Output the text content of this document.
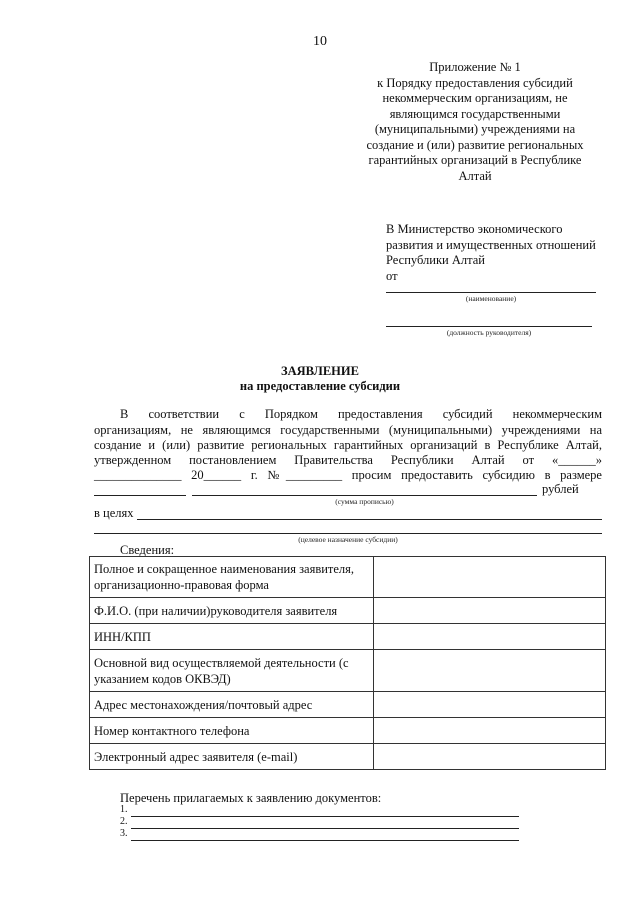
10
Приложение № 1
к Порядку предоставления субсидий
некоммерческим организациям, не
являющимся государственными
(муниципальными) учреждениями на
создание и (или) развитие региональных
гарантийных организаций в Республике
Алтай
В Министерство экономического
развития и имущественных отношений
Республики Алтай
от
(наименование)
(должность руководителя)
ЗАЯВЛЕНИЕ
на предоставление субсидии
В соответствии с Порядком предоставления субсидий некоммерческим
организациям, не являющимся государственными (муниципальными) учреждениями на
создание и (или) развитие региональных гарантийных организаций в Республике Алтай,
утвержденном постановлением Правительства Республики Алтай от «______»
______________ 20______ г. №_________ просим предоставить субсидию в размере
рублей
(сумма прописью)
в целях
(целевое назначение субсидии)
Сведения:
Полное и сокращенное наименования заявителя, организационно-правовая форма	
Ф.И.О. (при наличии)руководителя заявителя	
ИНН/КПП	
Основной вид осуществляемой деятельности (с указанием кодов ОКВЭД)	
Адрес местонахождения/почтовый адрес	
Номер контактного телефона	
Электронный адрес заявителя (e-mail)	
Перечень прилагаемых к заявлению документов:
1.
2.
3.
